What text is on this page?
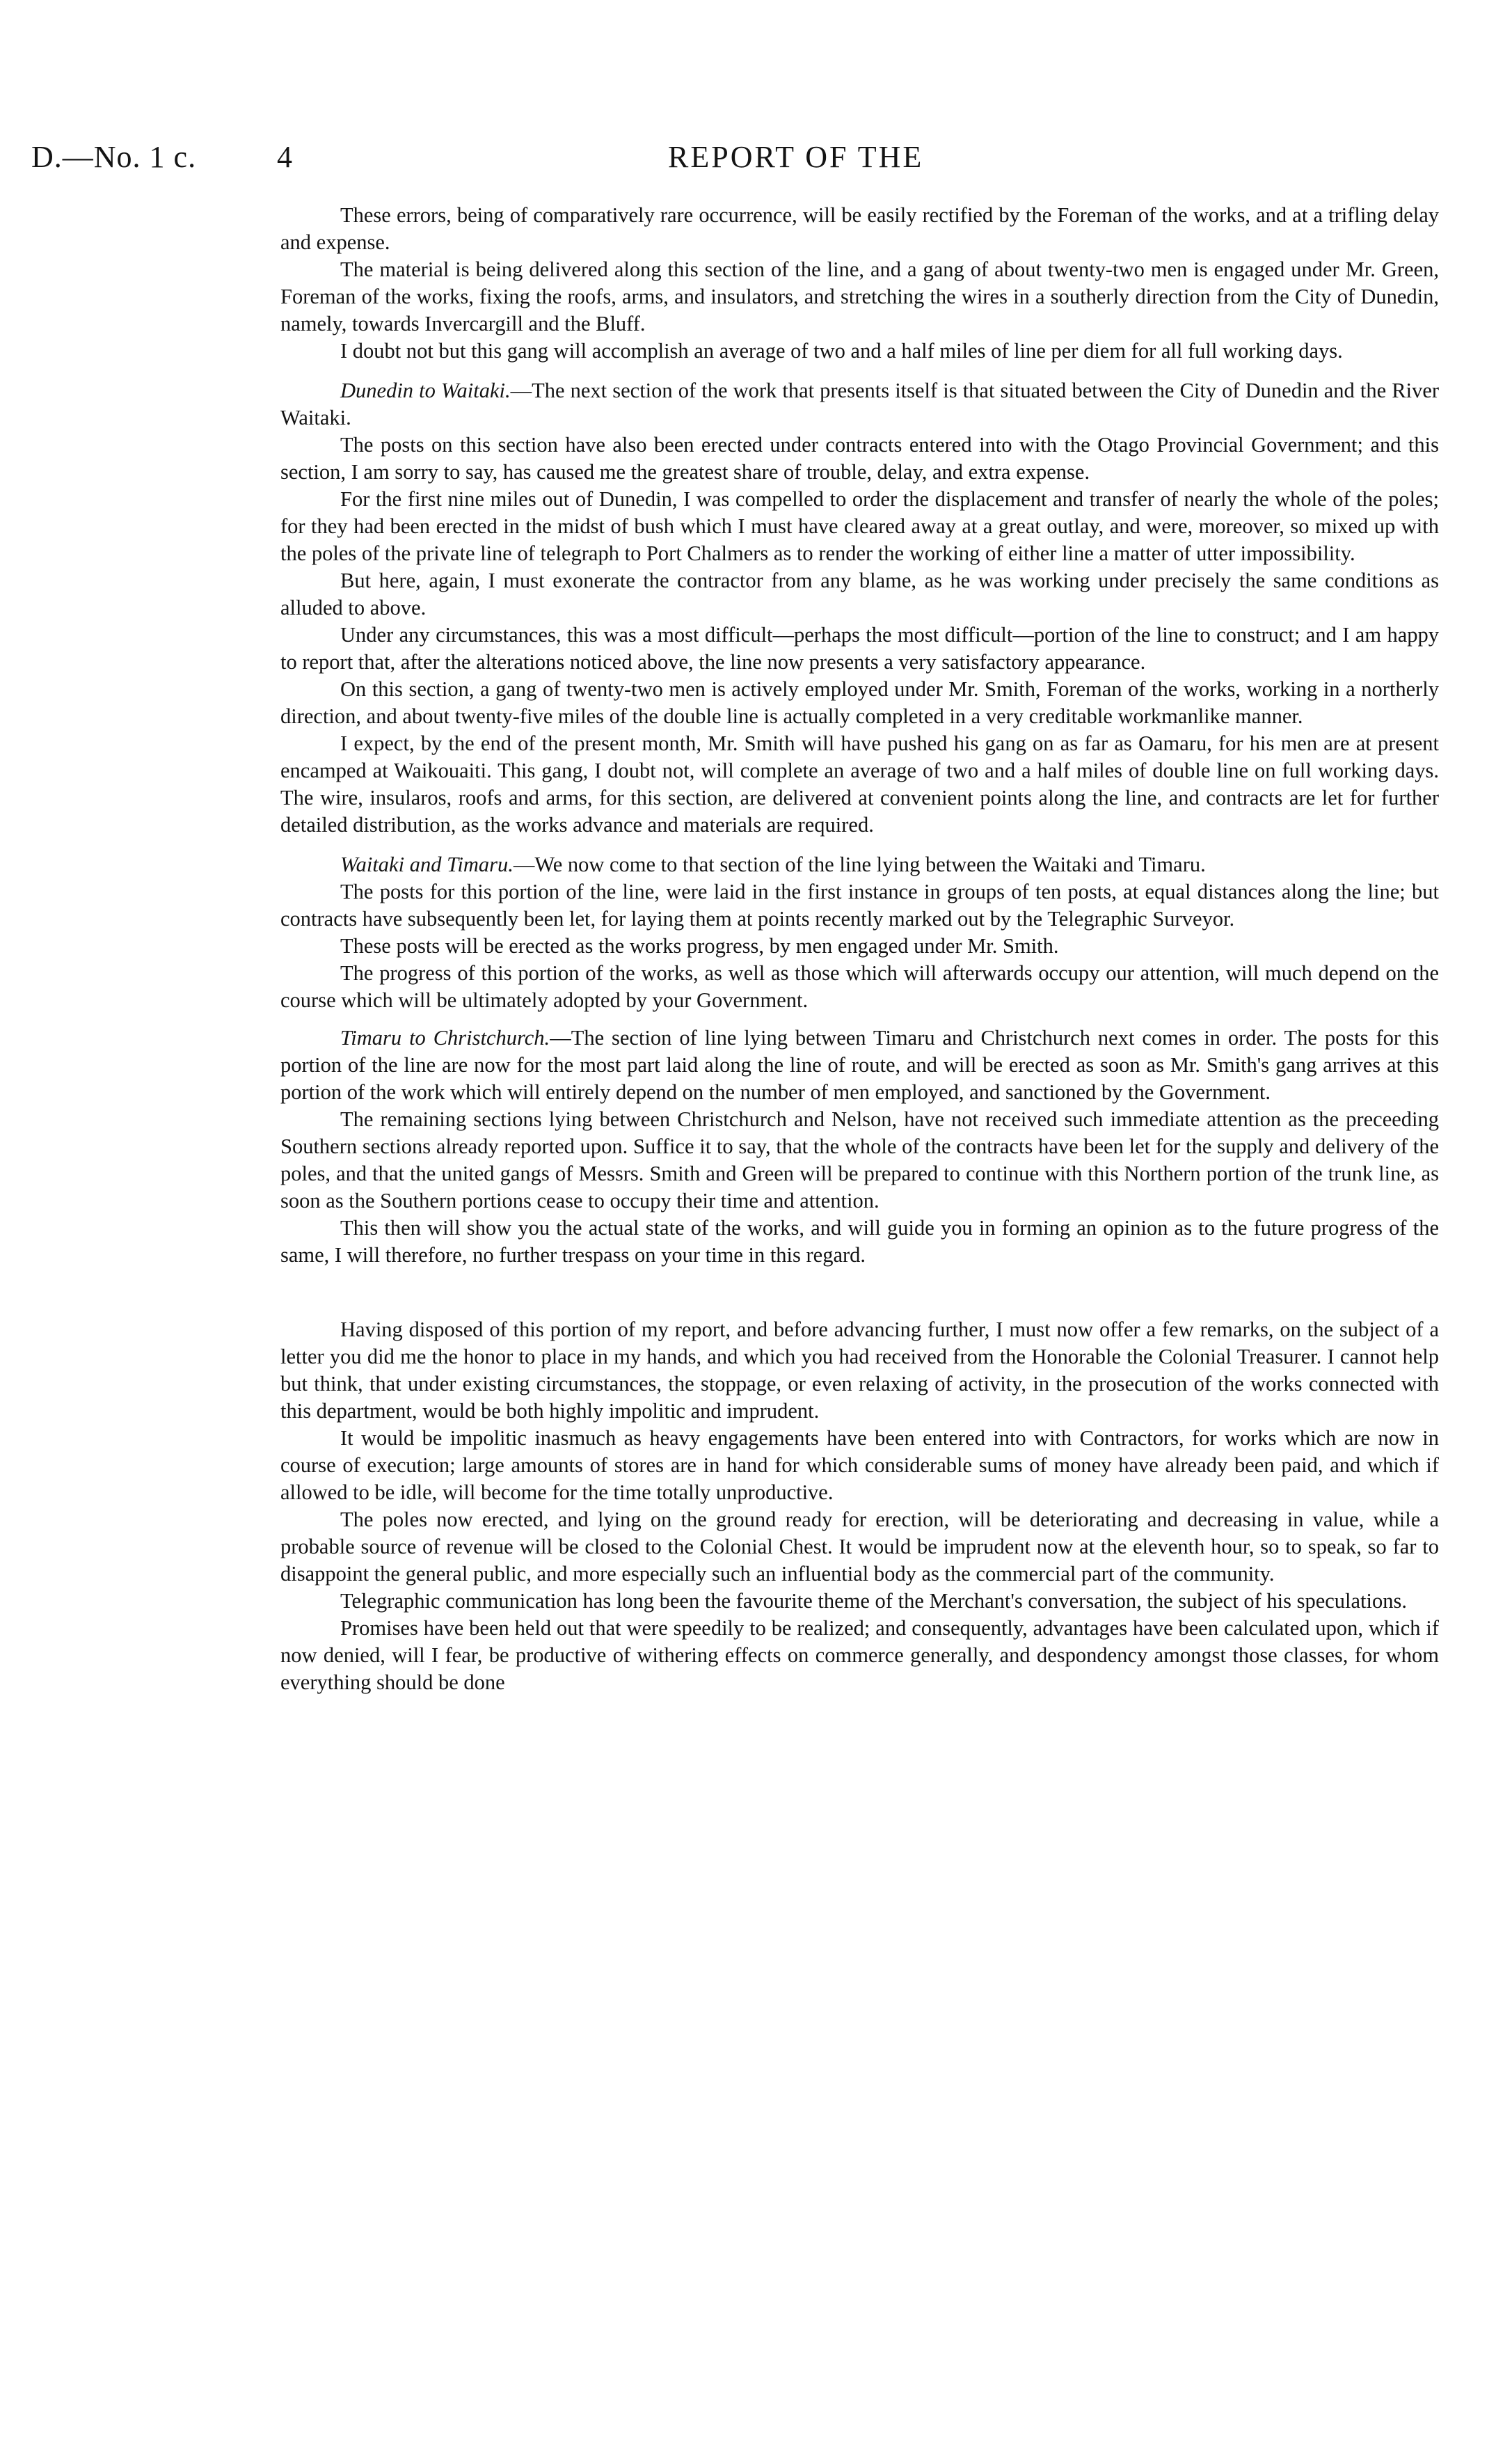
D.—No. 1 c.	4	REPORT OF THE

These errors, being of comparatively rare occurrence, will be easily rectified by the Foreman of the works, and at a trifling delay and expense.

The material is being delivered along this section of the line, and a gang of about twenty-two men is engaged under Mr. Green, Foreman of the works, fixing the roofs, arms, and insulators, and stretching the wires in a southerly direction from the City of Dunedin, namely, towards Invercargill and the Bluff.

I doubt not but this gang will accomplish an average of two and a half miles of line per diem for all full working days.

Dunedin to Waitaki.—The next section of the work that presents itself is that situated between the City of Dunedin and the River Waitaki.

The posts on this section have also been erected under contracts entered into with the Otago Provincial Government; and this section, I am sorry to say, has caused me the greatest share of trouble, delay, and extra expense.

For the first nine miles out of Dunedin, I was compelled to order the displacement and transfer of nearly the whole of the poles; for they had been erected in the midst of bush which I must have cleared away at a great outlay, and were, moreover, so mixed up with the poles of the private line of telegraph to Port Chalmers as to render the working of either line a matter of utter impossibility.

But here, again, I must exonerate the contractor from any blame, as he was working under precisely the same conditions as alluded to above.

Under any circumstances, this was a most difficult—perhaps the most difficult—portion of the line to construct; and I am happy to report that, after the alterations noticed above, the line now presents a very satisfactory appearance.

On this section, a gang of twenty-two men is actively employed under Mr. Smith, Foreman of the works, working in a northerly direction, and about twenty-five miles of the double line is actually completed in a very creditable workmanlike manner.

I expect, by the end of the present month, Mr. Smith will have pushed his gang on as far as Oamaru, for his men are at present encamped at Waikouaiti. This gang, I doubt not, will complete an average of two and a half miles of double line on full working days. The wire, insularos, roofs and arms, for this section, are delivered at convenient points along the line, and contracts are let for further detailed distribution, as the works advance and materials are required.

Waitaki and Timaru.—We now come to that section of the line lying between the Waitaki and Timaru.

The posts for this portion of the line, were laid in the first instance in groups of ten posts, at equal distances along the line; but contracts have subsequently been let, for laying them at points recently marked out by the Telegraphic Surveyor.

These posts will be erected as the works progress, by men engaged under Mr. Smith.

The progress of this portion of the works, as well as those which will afterwards occupy our attention, will much depend on the course which will be ultimately adopted by your Government.

Timaru to Christchurch.—The section of line lying between Timaru and Christchurch next comes in order. The posts for this portion of the line are now for the most part laid along the line of route, and will be erected as soon as Mr. Smith's gang arrives at this portion of the work which will entirely depend on the number of men employed, and sanctioned by the Government.

The remaining sections lying between Christchurch and Nelson, have not received such immediate attention as the preceeding Southern sections already reported upon. Suffice it to say, that the whole of the contracts have been let for the supply and delivery of the poles, and that the united gangs of Messrs. Smith and Green will be prepared to continue with this Northern portion of the trunk line, as soon as the Southern portions cease to occupy their time and attention.

This then will show you the actual state of the works, and will guide you in forming an opinion as to the future progress of the same, I will therefore, no further trespass on your time in this regard.

Having disposed of this portion of my report, and before advancing further, I must now offer a few remarks, on the subject of a letter you did me the honor to place in my hands, and which you had received from the Honorable the Colonial Treasurer. I cannot help but think, that under existing circumstances, the stoppage, or even relaxing of activity, in the prosecution of the works connected with this department, would be both highly impolitic and imprudent.

It would be impolitic inasmuch as heavy engagements have been entered into with Contractors, for works which are now in course of execution; large amounts of stores are in hand for which considerable sums of money have already been paid, and which if allowed to be idle, will become for the time totally unproductive.

The poles now erected, and lying on the ground ready for erection, will be deteriorating and decreasing in value, while a probable source of revenue will be closed to the Colonial Chest. It would be imprudent now at the eleventh hour, so to speak, so far to disappoint the general public, and more especially such an influential body as the commercial part of the community.

Telegraphic communication has long been the favourite theme of the Merchant's conversation, the subject of his speculations.

Promises have been held out that were speedily to be realized; and consequently, advantages have been calculated upon, which if now denied, will I fear, be productive of withering effects on commerce generally, and despondency amongst those classes, for whom everything should be done
